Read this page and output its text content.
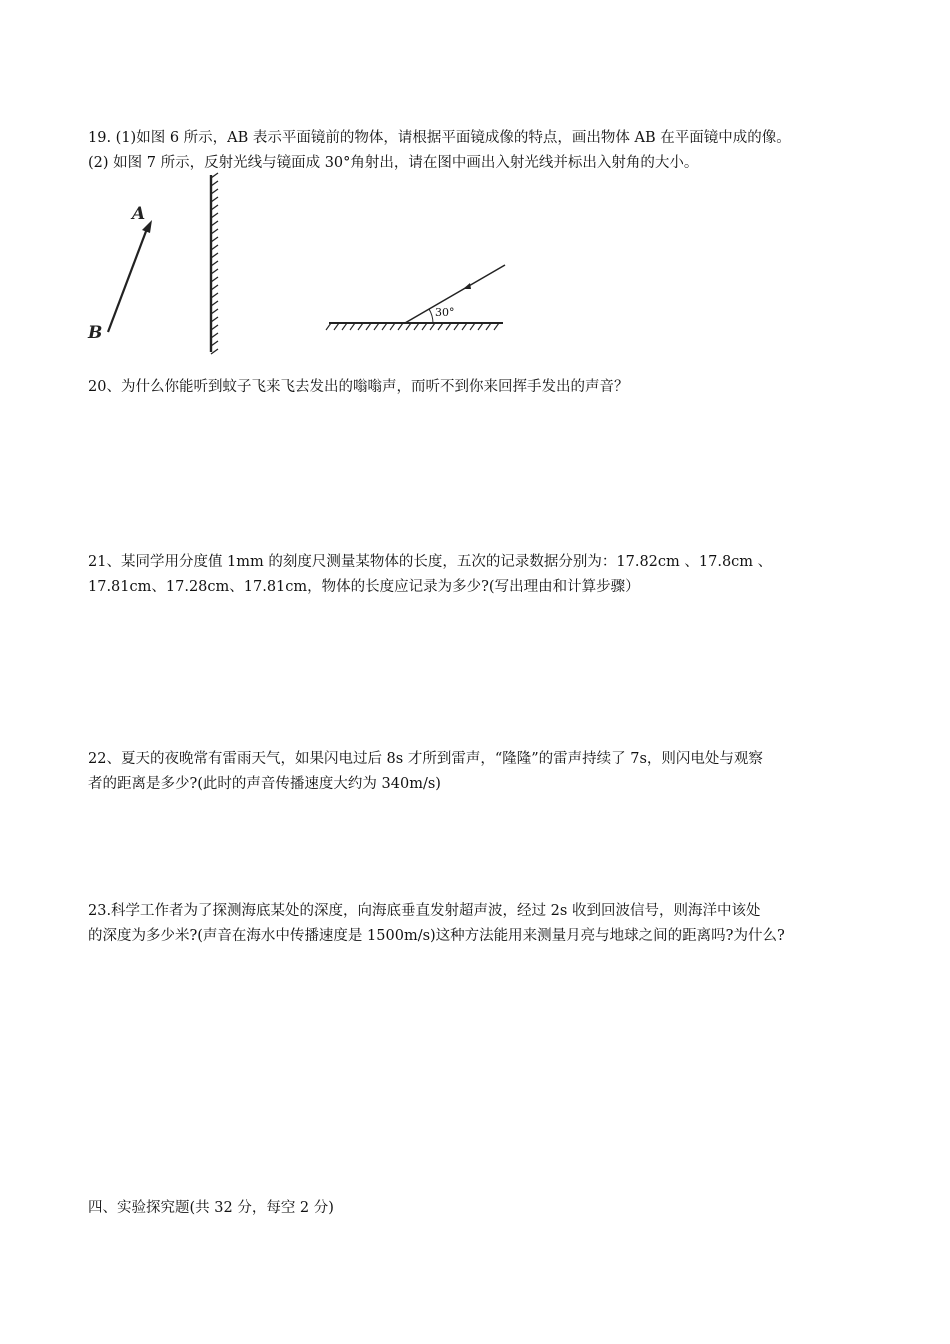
19. (1)如图 6 所示，AB 表示平面镜前的物体，请根据平面镜成像的特点，画出物体 AB 在平面镜中成的像。
(2) 如图 7 所示，反射光线与镜面成 30°角射出，请在图中画出入射光线并标出入射角的大小。
A
B
30°
20、为什么你能听到蚊子飞来飞去发出的嗡嗡声，而听不到你来回挥手发出的声音？
21、某同学用分度值 1mm 的刻度尺测量某物体的长度，五次的记录数据分别为：17.82cm 、17.8cm 、
17.81cm、17.28cm、17.81cm，物体的长度应记录为多少?(写出理由和计算步骤）
22、夏天的夜晚常有雷雨天气，如果闪电过后 8s 才所到雷声，“隆隆”的雷声持续了 7s，则闪电处与观察
者的距离是多少?(此时的声音传播速度大约为 340m/s)
23.科学工作者为了探测海底某处的深度，向海底垂直发射超声波，经过 2s 收到回波信号，则海洋中该处
的深度为多少米?(声音在海水中传播速度是 1500m/s)这种方法能用来测量月亮与地球之间的距离吗?为什么?
四、实验探究题(共 32 分，每空 2 分)
